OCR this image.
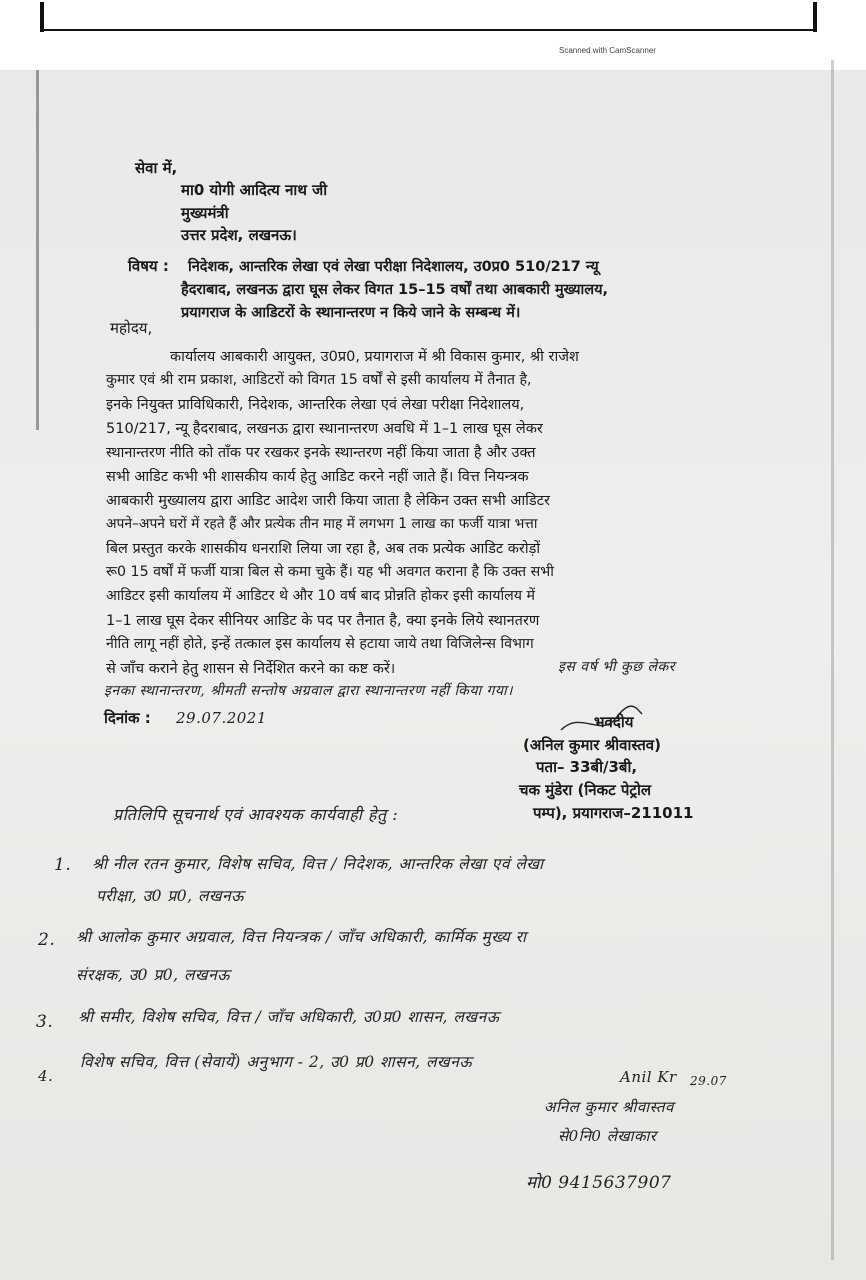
Scanned with CamScanner
सेवा में,
मा0 योगी आदित्य नाथ जी
मुख्यमंत्री
उत्तर प्रदेश, लखनऊ।
विषय : निदेशक, आन्तरिक लेखा एवं लेखा परीक्षा निदेशालय, उ0प्र0 510/217 न्यू
हैदराबाद, लखनऊ द्वारा घूस लेकर विगत 15–15 वर्षों तथा आबकारी मुख्यालय,
प्रयागराज के आडिटरों के स्थानान्तरण न किये जाने के सम्बन्ध में।
महोदय,
कार्यालय आबकारी आयुक्त, उ0प्र0, प्रयागराज में श्री विकास कुमार, श्री राजेश
कुमार एवं श्री राम प्रकाश, आडिटरों को विगत 15 वर्षों से इसी कार्यालय में तैनात है,
इनके नियुक्त प्राविधिकारी, निदेशक, आन्तरिक लेखा एवं लेखा परीक्षा निदेशालय,
510/217, न्यू हैदराबाद, लखनऊ द्वारा स्थानान्तरण अवधि में 1–1 लाख घूस लेकर
स्थानान्तरण नीति को ताँक पर रखकर इनके स्थान्तरण नहीं किया जाता है और उक्त
सभी आडिट कभी भी शासकीय कार्य हेतु आडिट करने नहीं जाते हैं। वित्त नियन्त्रक
आबकारी मुख्यालय द्वारा आडिट आदेश जारी किया जाता है लेकिन उक्त सभी आडिटर
अपने–अपने घरों में रहते हैं और प्रत्येक तीन माह में लगभग 1 लाख का फर्जी यात्रा भत्ता
बिल प्रस्तुत करके शासकीय धनराशि लिया जा रहा है, अब तक प्रत्येक आडिट करोड़ों
रू0 15 वर्षों में फर्जी यात्रा बिल से कमा चुके हैं। यह भी अवगत कराना है कि उक्त सभी
आडिटर इसी कार्यालय में आडिटर थे और 10 वर्ष बाद प्रोन्नति होकर इसी कार्यालय में
1–1 लाख घूस देकर सीनियर आडिट के पद पर तैनात है, क्या इनके लिये स्थानतरण
नीति लागू नहीं होते, इन्हें तत्काल इस कार्यालय से हटाया जाये तथा विजिलेन्स विभाग
से जाँच कराने हेतु शासन से निर्देशित करने का कष्ट करें।	इस वर्ष भी कुछ लेकर
इनका स्थानान्तरण, श्रीमती सन्तोष अग्रवाल द्वारा स्थानान्तरण नहीं किया गया।
दिनांक : 29.07.2021	भवदीय
(अनिल कुमार श्रीवास्तव)
पता– 33बी/3बी,
चक मुंडेरा (निकट पेट्रोल
पम्प), प्रयागराज–211011
प्रतिलिपि सूचनार्थ एवं आवश्यक कार्यवाही हेतु :
1. श्री नील रतन कुमार, विशेष सचिव, वित्त / निदेशक, आन्तरिक लेखा एवं लेखा
परीक्षा, उ0 प्र0, लखनऊ
2. श्री आलोक कुमार अग्रवाल, वित्त नियन्त्रक / जाँच अधिकारी, कार्मिक मुख्य रा
संरक्षक, उ0 प्र0, लखनऊ
3. श्री समीर, विशेष सचिव, वित्त / जाँच अधिकारी, उ0प्र0 शासन, लखनऊ
4.
विशेष सचिव, वित्त (सेवायें) अनुभाग - 2, उ0 प्र0 शासन, लखनऊ
Anil Kr 29.07
अनिल कुमार श्रीवास्तव
से0नि0 लेखाकार
मो0 9415637907
